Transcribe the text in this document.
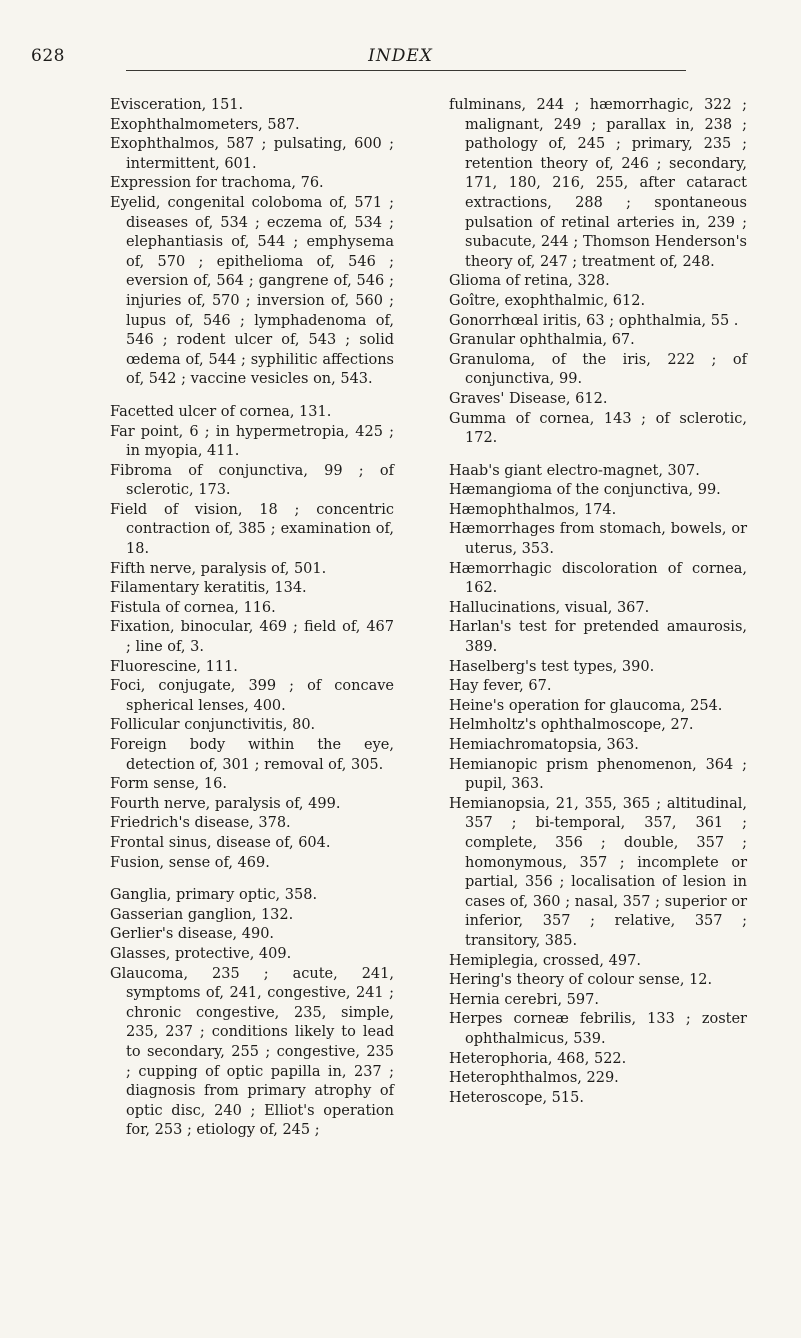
628	INDEX
Evisceration, 151.
Exophthalmometers, 587.
Exophthalmos, 587 ; pulsating, 600 ; intermittent, 601.
Expression for trachoma, 76.
Eyelid, congenital coloboma of, 571 ; diseases of, 534 ; eczema of, 534 ; elephantiasis of, 544 ; emphysema of, 570 ; epithelioma of, 546 ; eversion of, 564 ; gangrene of, 546 ; injuries of, 570 ; inversion of, 560 ; lupus of, 546 ; lymphadenoma of, 546 ; rodent ulcer of, 543 ; solid œdema of, 544 ; syphilitic affections of, 542 ; vaccine vesicles on, 543.
Facetted ulcer of cornea, 131.
Far point, 6 ; in hypermetropia, 425 ; in myopia, 411.
Fibroma of conjunctiva, 99 ; of sclerotic, 173.
Field of vision, 18 ; concentric contraction of, 385 ; examination of, 18.
Fifth nerve, paralysis of, 501.
Filamentary keratitis, 134.
Fistula of cornea, 116.
Fixation, binocular, 469 ; field of, 467 ; line of, 3.
Fluorescine, 111.
Foci, conjugate, 399 ; of concave spherical lenses, 400.
Follicular conjunctivitis, 80.
Foreign body within the eye, detection of, 301 ; removal of, 305.
Form sense, 16.
Fourth nerve, paralysis of, 499.
Friedrich's disease, 378.
Frontal sinus, disease of, 604.
Fusion, sense of, 469.
Ganglia, primary optic, 358.
Gasserian ganglion, 132.
Gerlier's disease, 490.
Glasses, protective, 409.
Glaucoma, 235 ; acute, 241, symptoms of, 241, congestive, 241 ; chronic congestive, 235, simple, 235, 237 ; conditions likely to lead to secondary, 255 ; congestive, 235 ; cupping of optic papilla in, 237 ; diagnosis from primary atrophy of optic disc, 240 ; Elliot's operation for, 253 ; etiology of, 245 ;
fulminans, 244 ; hæmorrhagic, 322 ; malignant, 249 ; parallax in, 238 ; pathology of, 245 ; primary, 235 ; retention theory of, 246 ; secondary, 171, 180, 216, 255, after cataract extractions, 288 ; spontaneous pulsation of retinal arteries in, 239 ; subacute, 244 ; Thomson Henderson's theory of, 247 ; treatment of, 248.
Glioma of retina, 328.
Goître, exophthalmic, 612.
Gonorrhœal iritis, 63 ; ophthalmia, 55 .
Granular ophthalmia, 67.
Granuloma, of the iris, 222 ; of conjunctiva, 99.
Graves' Disease, 612.
Gumma of cornea, 143 ; of sclerotic, 172.
Haab's giant electro-magnet, 307.
Hæmangioma of the conjunctiva, 99.
Hæmophthalmos, 174.
Hæmorrhages from stomach, bowels, or uterus, 353.
Hæmorrhagic discoloration of cornea, 162.
Hallucinations, visual, 367.
Harlan's test for pretended amaurosis, 389.
Haselberg's test types, 390.
Hay fever, 67.
Heine's operation for glaucoma, 254.
Helmholtz's ophthalmoscope, 27.
Hemiachromatopsia, 363.
Hemianopic prism phenomenon, 364 ; pupil, 363.
Hemianopsia, 21, 355, 365 ; altitudinal, 357 ; bi-temporal, 357, 361 ; complete, 356 ; double, 357 ; homonymous, 357 ; incomplete or partial, 356 ; localisation of lesion in cases of, 360 ; nasal, 357 ; superior or inferior, 357 ; relative, 357 ; transitory, 385.
Hemiplegia, crossed, 497.
Hering's theory of colour sense, 12.
Hernia cerebri, 597.
Herpes corneæ febrilis, 133 ; zoster ophthalmicus, 539.
Heterophoria, 468, 522.
Heterophthalmos, 229.
Heteroscope, 515.
